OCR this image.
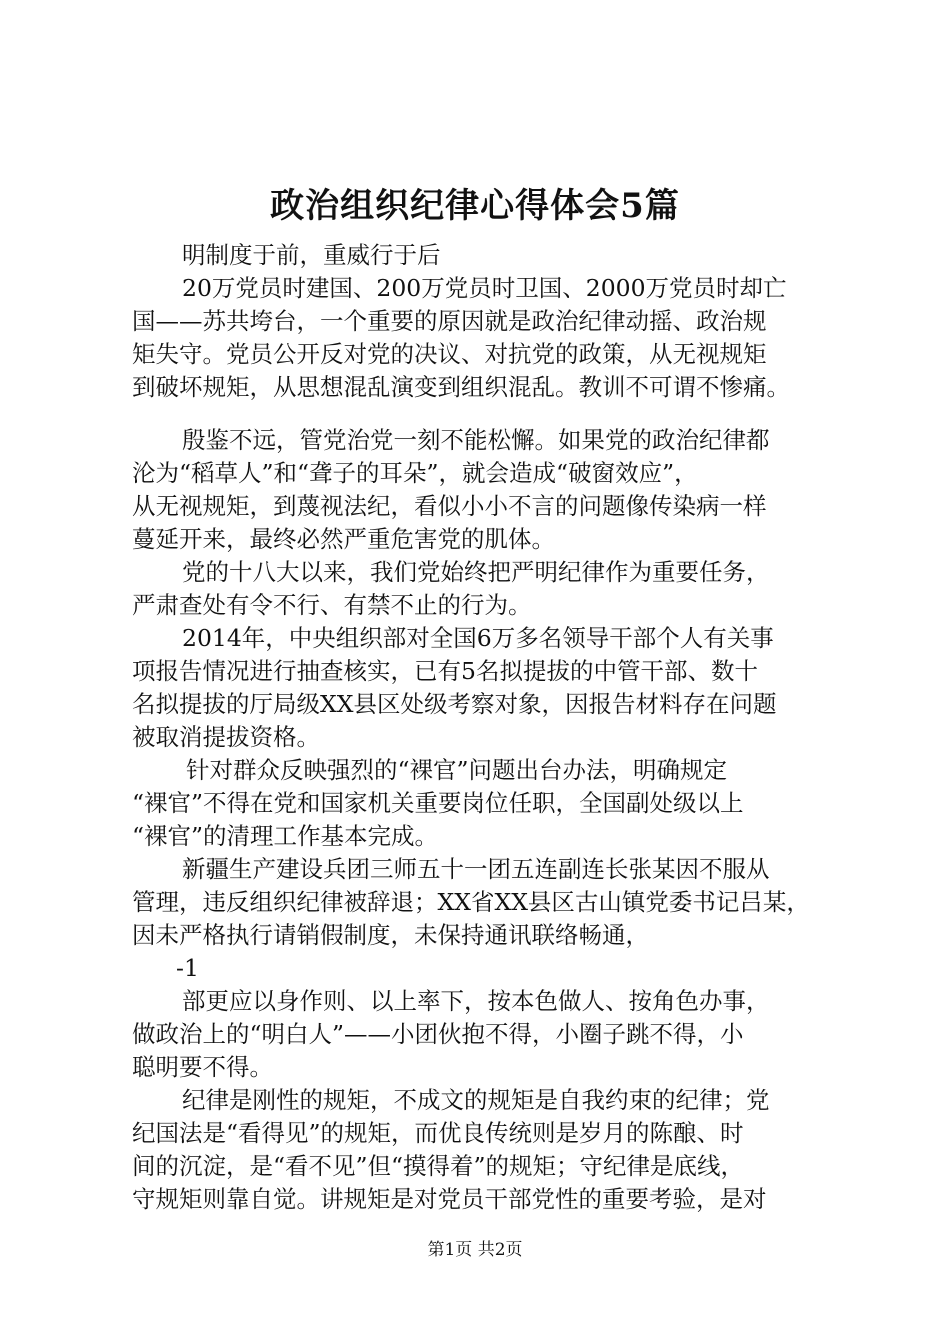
政治组织纪律心得体会5篇
明制度于前，重威行于后
20万党员时建国、200万党员时卫国、2000万党员时却亡
国——苏共垮台，一个重要的原因就是政治纪律动摇、政治规
矩失守。党员公开反对党的决议、对抗党的政策，从无视规矩
到破坏规矩，从思想混乱演变到组织混乱。教训不可谓不惨痛。
殷鉴不远，管党治党一刻不能松懈。如果党的政治纪律都
沦为“稻草人”和“聋子的耳朵”，就会造成“破窗效应”，
从无视规矩，到蔑视法纪，看似小小不言的问题像传染病一样
蔓延开来，最终必然严重危害党的肌体。
党的十八大以来，我们党始终把严明纪律作为重要任务，
严肃查处有令不行、有禁不止的行为。
2014年，中央组织部对全国6万多名领导干部个人有关事
项报告情况进行抽查核实，已有5名拟提拔的中管干部、数十
名拟提拔的厅局级XX县区处级考察对象，因报告材料存在问题
被取消提拔资格。
针对群众反映强烈的“裸官”问题出台办法，明确规定
“裸官”不得在党和国家机关重要岗位任职，全国副处级以上
“裸官”的清理工作基本完成。
新疆生产建设兵团三师五十一团五连副连长张某因不服从
管理，违反组织纪律被辞退；XX省XX县区古山镇党委书记吕某，
因未严格执行请销假制度，未保持通讯联络畅通，
-1
部更应以身作则、以上率下，按本色做人、按角色办事，
做政治上的“明白人”——小团伙抱不得，小圈子跳不得，小
聪明要不得。
纪律是刚性的规矩，不成文的规矩是自我约束的纪律；党
纪国法是“看得见”的规矩，而优良传统则是岁月的陈酿、时
间的沉淀，是“看不见”但“摸得着”的规矩；守纪律是底线，
守规矩则靠自觉。讲规矩是对党员干部党性的重要考验，是对
第1页 共2页
